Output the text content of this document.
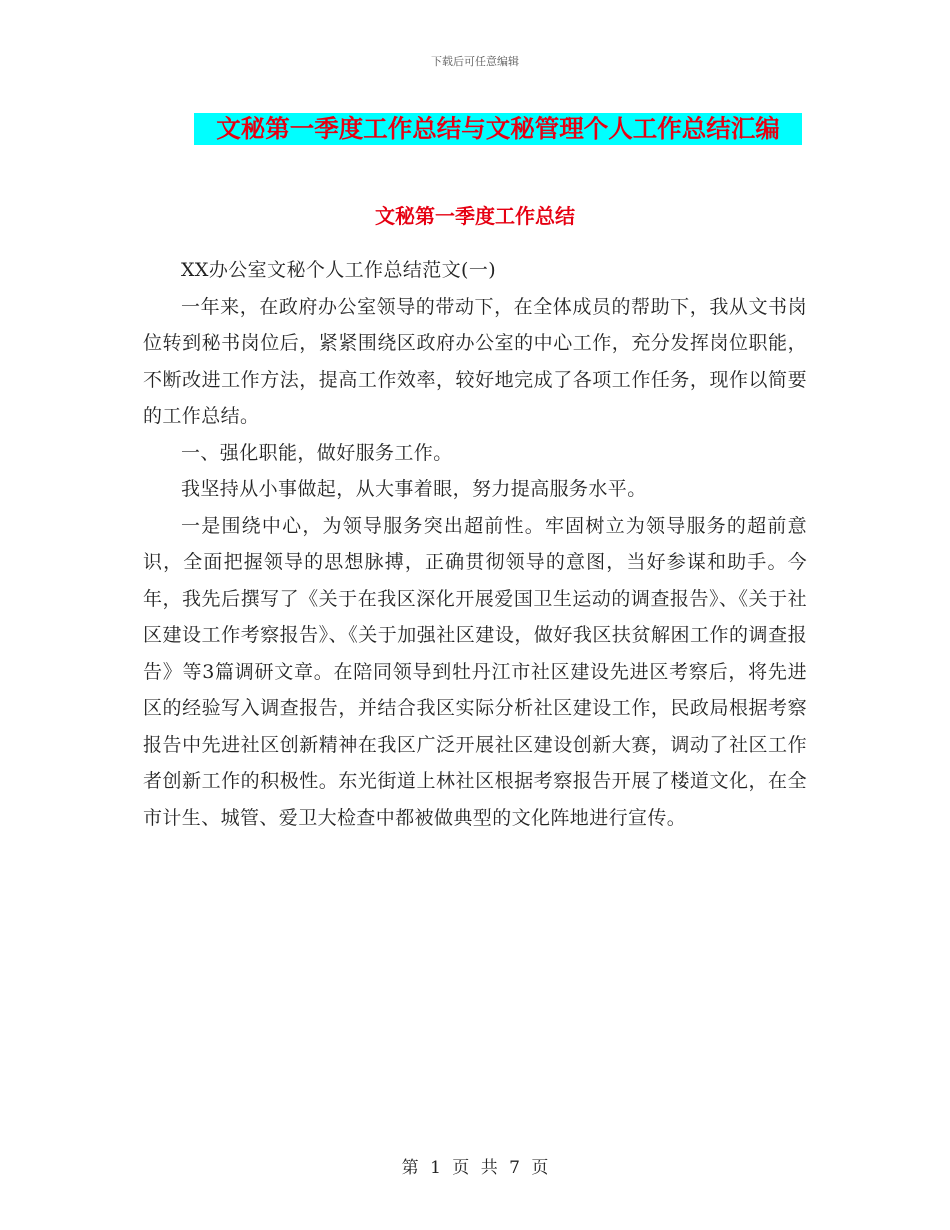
下载后可任意编辑
文秘第一季度工作总结与文秘管理个人工作总结汇编
文秘第一季度工作总结

XX办公室文秘个人工作总结范文(一)

一年来，在政府办公室领导的带动下，在全体成员的帮助下，我从文书岗位转到秘书岗位后，紧紧围绕区政府办公室的中心工作，充分发挥岗位职能，不断改进工作方法，提高工作效率，较好地完成了各项工作任务，现作以简要的工作总结。

一、强化职能，做好服务工作。

我坚持从小事做起，从大事着眼，努力提高服务水平。

一是围绕中心，为领导服务突出超前性。牢固树立为领导服务的超前意识，全面把握领导的思想脉搏，正确贯彻领导的意图，当好参谋和助手。今年，我先后撰写了《关于在我区深化开展爱国卫生运动的调查报告》、《关于社区建设工作考察报告》、《关于加强社区建设，做好我区扶贫解困工作的调查报告》等3篇调研文章。在陪同领导到牡丹江市社区建设先进区考察后，将先进区的经验写入调查报告，并结合我区实际分析社区建设工作，民政局根据考察报告中先进社区创新精神在我区广泛开展社区建设创新大赛，调动了社区工作者创新工作的积极性。东光街道上林社区根据考察报告开展了楼道文化，在全市计生、城管、爱卫大检查中都被做典型的文化阵地进行宣传。

第 1 页 共 7 页
